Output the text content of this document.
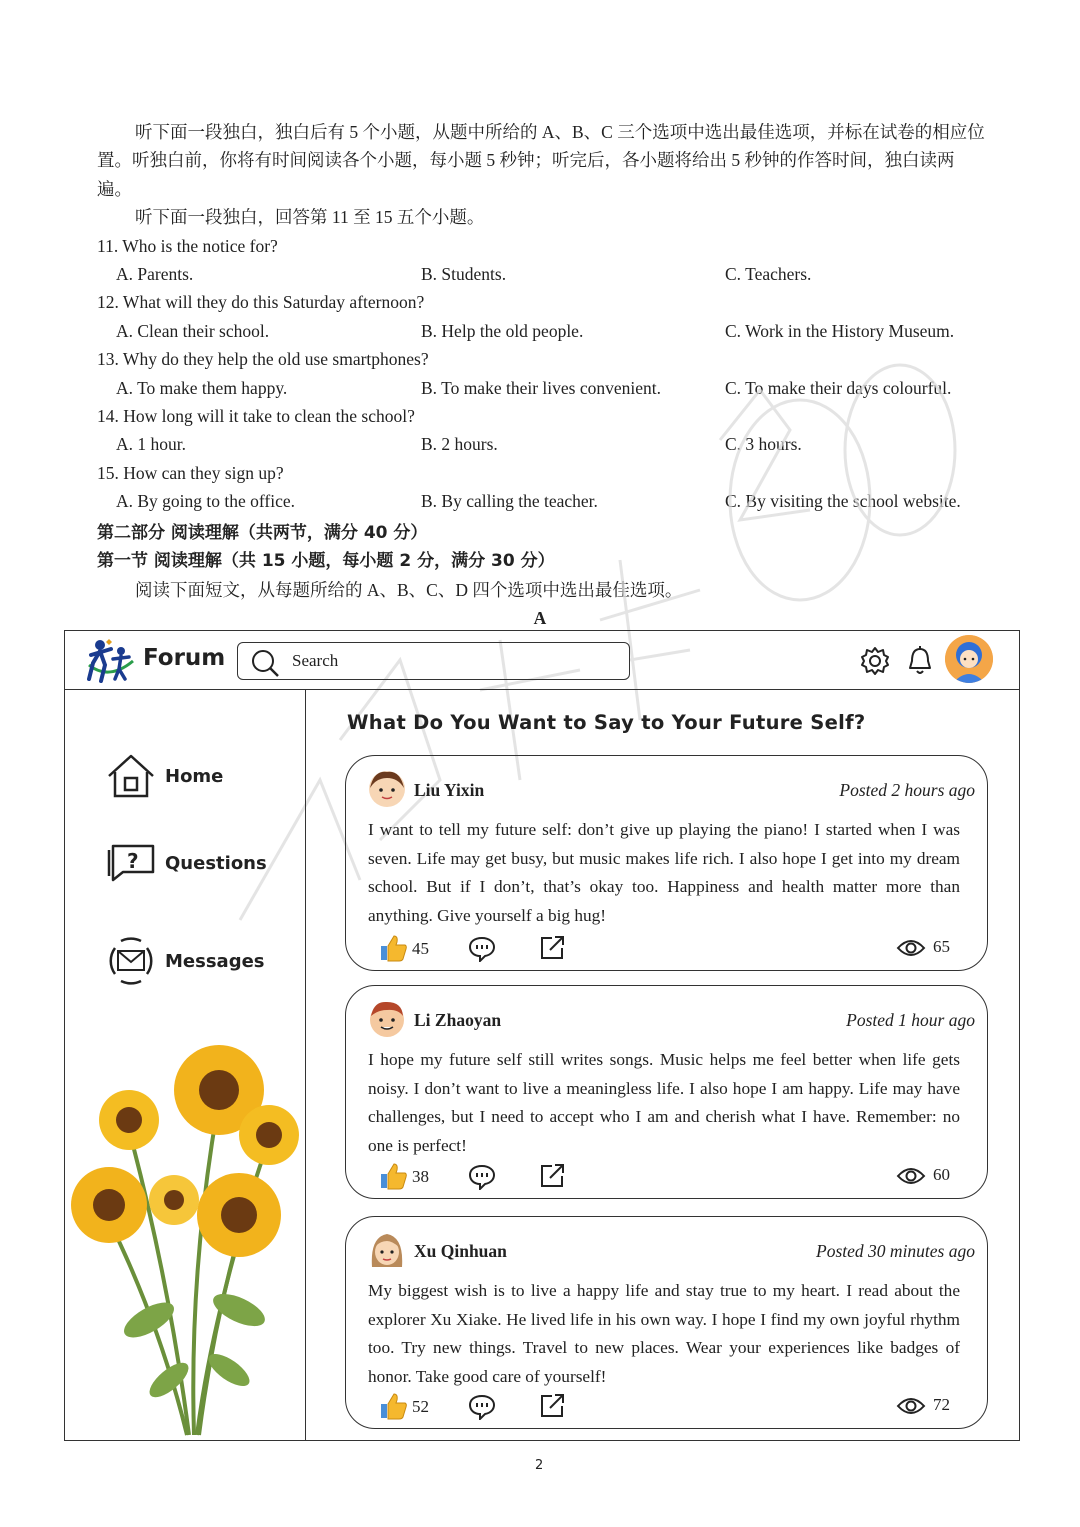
听下面一段独白，独白后有 5 个小题，从题中所给的 A、B、C 三个选项中选出最佳选项，并标在试卷的相应位置。听独白前，你将有时间阅读各个小题，每小题 5 秒钟；听完后，各小题将给出 5 秒钟的作答时间，独白读两遍。

听下面一段独白，回答第 11 至 15 五个小题。

11. Who is the notice for?

A. Parents.	B. Students.	C. Teachers.

12. What will they do this Saturday afternoon?

A. Clean their school.	B. Help the old people.	C. Work in the History Museum.

13. Why do they help the old use smartphones?

A. To make them happy.	B. To make their lives convenient.	C. To make their days colourful.

14. How long will it take to clean the school?

A. 1 hour.	B. 2 hours.	C. 3 hours.

15. How can they sign up?

A. By going to the office.	B. By calling the teacher.	C. By visiting the school website.

第二部分 阅读理解（共两节，满分 40 分）

第一节 阅读理解（共 15 小题，每小题 2 分，满分 30 分）

阅读下面短文，从每题所给的 A、B、C、D 四个选项中选出最佳选项。

A

Forum	Search
Home
? Questions
Messages
What Do You Want to Say to Your Future Self?
Liu Yixin	Posted 2 hours ago

I want to tell my future self: don’t give up playing the piano! I started when I was seven. Life may get busy, but music makes life rich. I also hope I get into my dream school. But if I don’t, that’s okay too. Happiness and health matter more than anything. Give yourself a big hug!

45	65
Li Zhaoyan	Posted 1 hour ago

I hope my future self still writes songs. Music helps me feel better when life gets noisy. I don’t want to live a meaningless life. I also hope I am happy. Life may have challenges, but I need to accept who I am and cherish what I have. Remember: no one is perfect!

38	60
Xu Qinhuan	Posted 30 minutes ago

My biggest wish is to live a happy life and stay true to my heart. I read about the explorer Xu Xiake. He lived life in his own way. I hope I find my own joyful rhythm too. Try new things. Travel to new places. Wear your experiences like badges of honor. Take good care of yourself!

52	72
2
